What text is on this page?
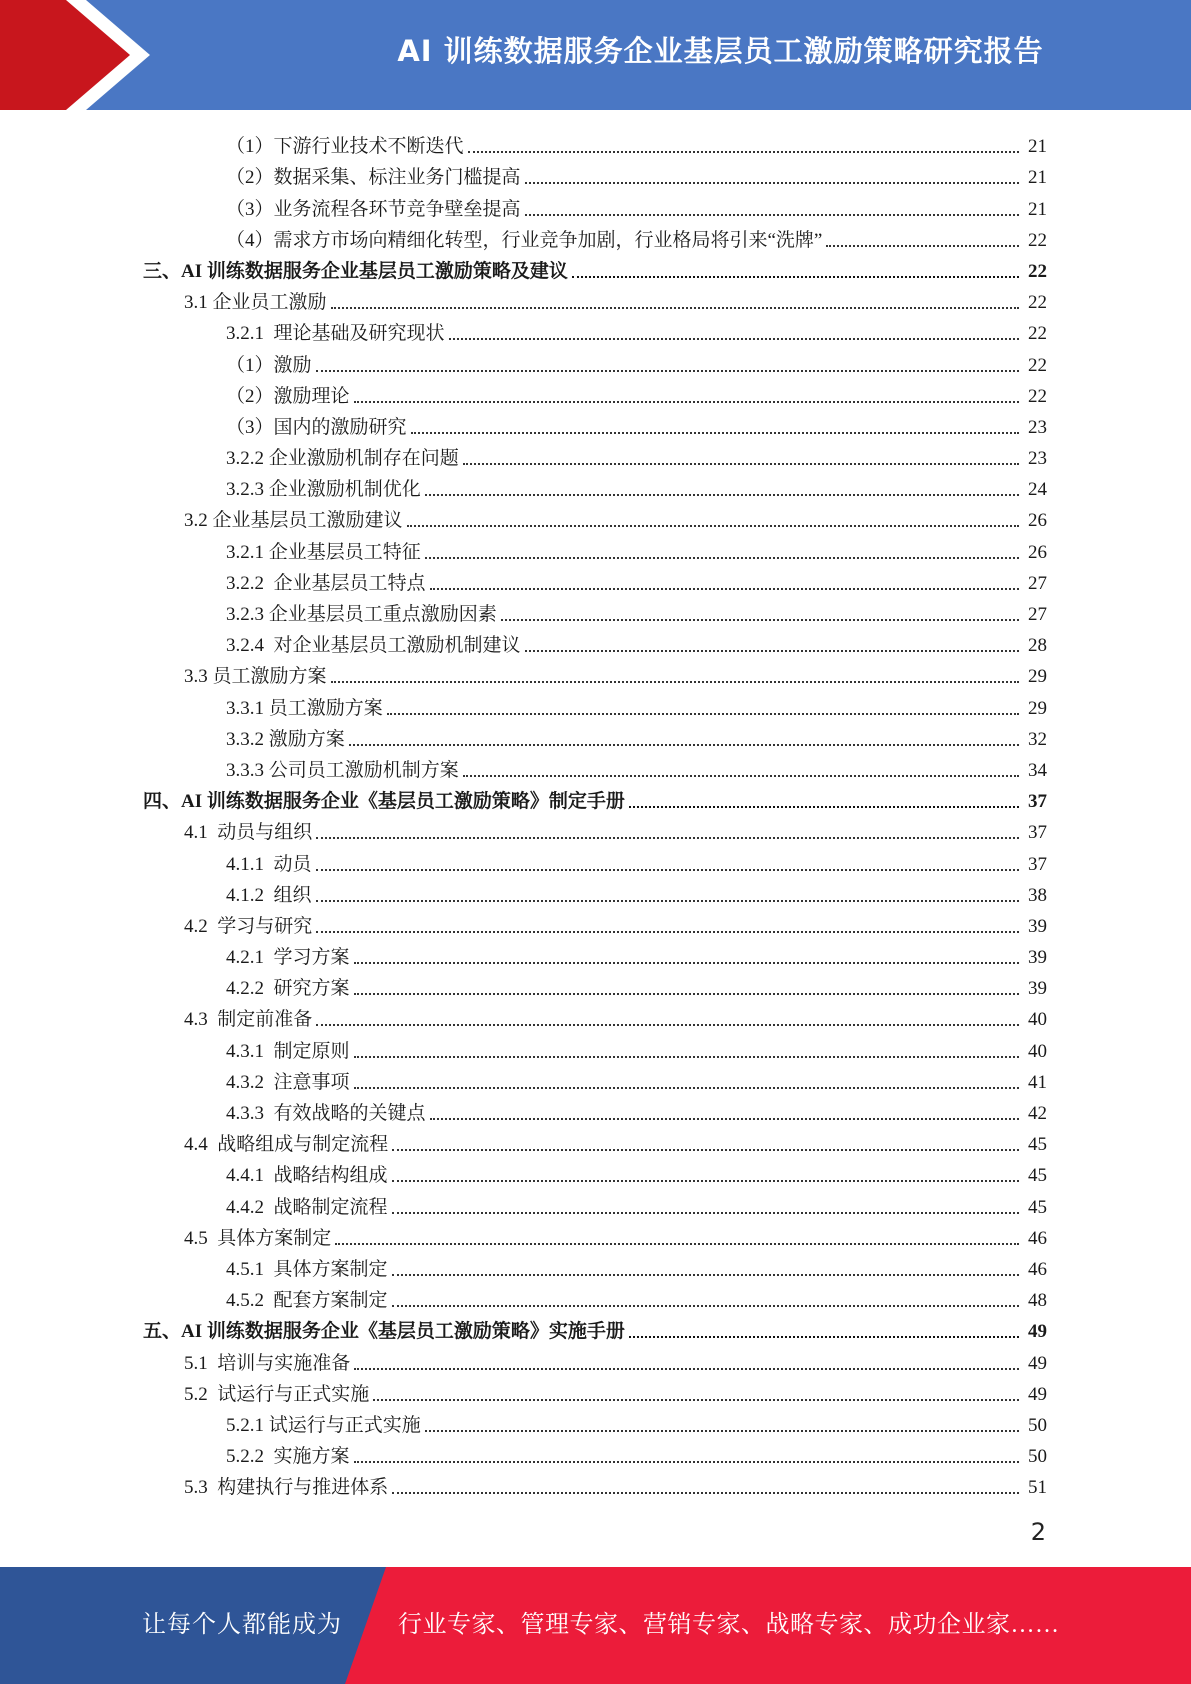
AI 训练数据服务企业基层员工激励策略研究报告
（1）下游行业技术不断迭代	21
（2）数据采集、标注业务门槛提高	21
（3）业务流程各环节竞争壁垒提高	21
（4）需求方市场向精细化转型，行业竞争加剧，行业格局将引来“洗牌”	22
三、AI 训练数据服务企业基层员工激励策略及建议	22
3.1 企业员工激励	22
3.2.1  理论基础及研究现状	22
（1）激励	22
（2）激励理论	22
（3）国内的激励研究	23
3.2.2 企业激励机制存在问题	23
3.2.3 企业激励机制优化	24
3.2 企业基层员工激励建议	26
3.2.1 企业基层员工特征	26
3.2.2  企业基层员工特点	27
3.2.3 企业基层员工重点激励因素	27
3.2.4  对企业基层员工激励机制建议	28
3.3 员工激励方案	29
3.3.1 员工激励方案	29
3.3.2 激励方案	32
3.3.3 公司员工激励机制方案	34
四、AI 训练数据服务企业《基层员工激励策略》制定手册	37
4.1  动员与组织	37
4.1.1  动员	37
4.1.2  组织	38
4.2  学习与研究	39
4.2.1  学习方案	39
4.2.2  研究方案	39
4.3  制定前准备	40
4.3.1  制定原则	40
4.3.2  注意事项	41
4.3.3  有效战略的关键点	42
4.4  战略组成与制定流程	45
4.4.1  战略结构组成	45
4.4.2  战略制定流程	45
4.5  具体方案制定	46
4.5.1  具体方案制定	46
4.5.2  配套方案制定	48
五、AI 训练数据服务企业《基层员工激励策略》实施手册	49
5.1  培训与实施准备	49
5.2  试运行与正式实施	49
5.2.1 试运行与正式实施	50
5.2.2  实施方案	50
5.3  构建执行与推进体系	51
2
让每个人都能成为 行业专家、管理专家、营销专家、战略专家、成功企业家……
